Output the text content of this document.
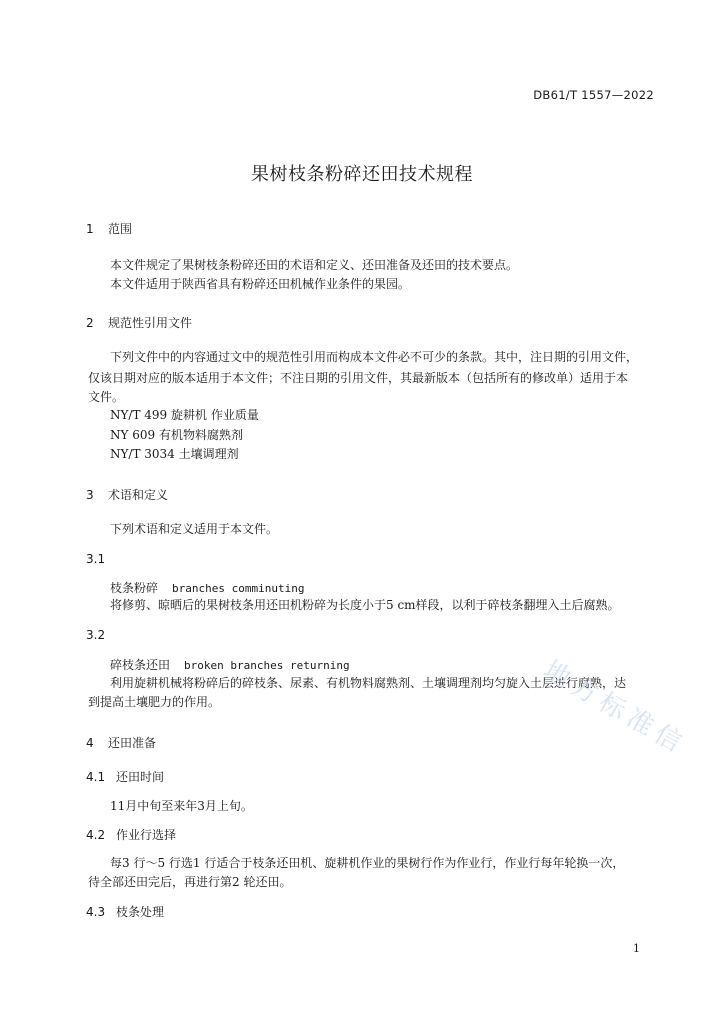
DB61/T 1557—2022
果树枝条粉碎还田技术规程
1 范围
本文件规定了果树枝条粉碎还田的术语和定义、还田准备及还田的技术要点。
本文件适用于陕西省具有粉碎还田机械作业条件的果园。
2 规范性引用文件
下列文件中的内容通过文中的规范性引用而构成本文件必不可少的条款。其中，注日期的引用文件，
仅该日期对应的版本适用于本文件；不注日期的引用文件，其最新版本（包括所有的修改单）适用于本
文件。
NY/T 499 旋耕机 作业质量
NY 609 有机物料腐熟剂
NY/T 3034 土壤调理剂
3 术语和定义
下列术语和定义适用于本文件。
3.1
枝条粉碎 branches comminuting
将修剪、晾晒后的果树枝条用还田机粉碎为长度小于5 cm样段，以利于碎枝条翻埋入土后腐熟。
3.2
碎枝条还田 broken branches returning
利用旋耕机械将粉碎后的碎枝条、尿素、有机物料腐熟剂、土壤调理剂均匀旋入土层进行腐熟，达
到提高土壤肥力的作用。
4 还田准备
4.1 还田时间
11月中旬至来年3月上旬。
4.2 作业行选择
每3 行～5 行选1 行适合于枝条还田机、旋耕机作业的果树行作为作业行，作业行每年轮换一次，
待全部还田完后，再进行第2 轮还田。
4.3 枝条处理
地方标准信
1
